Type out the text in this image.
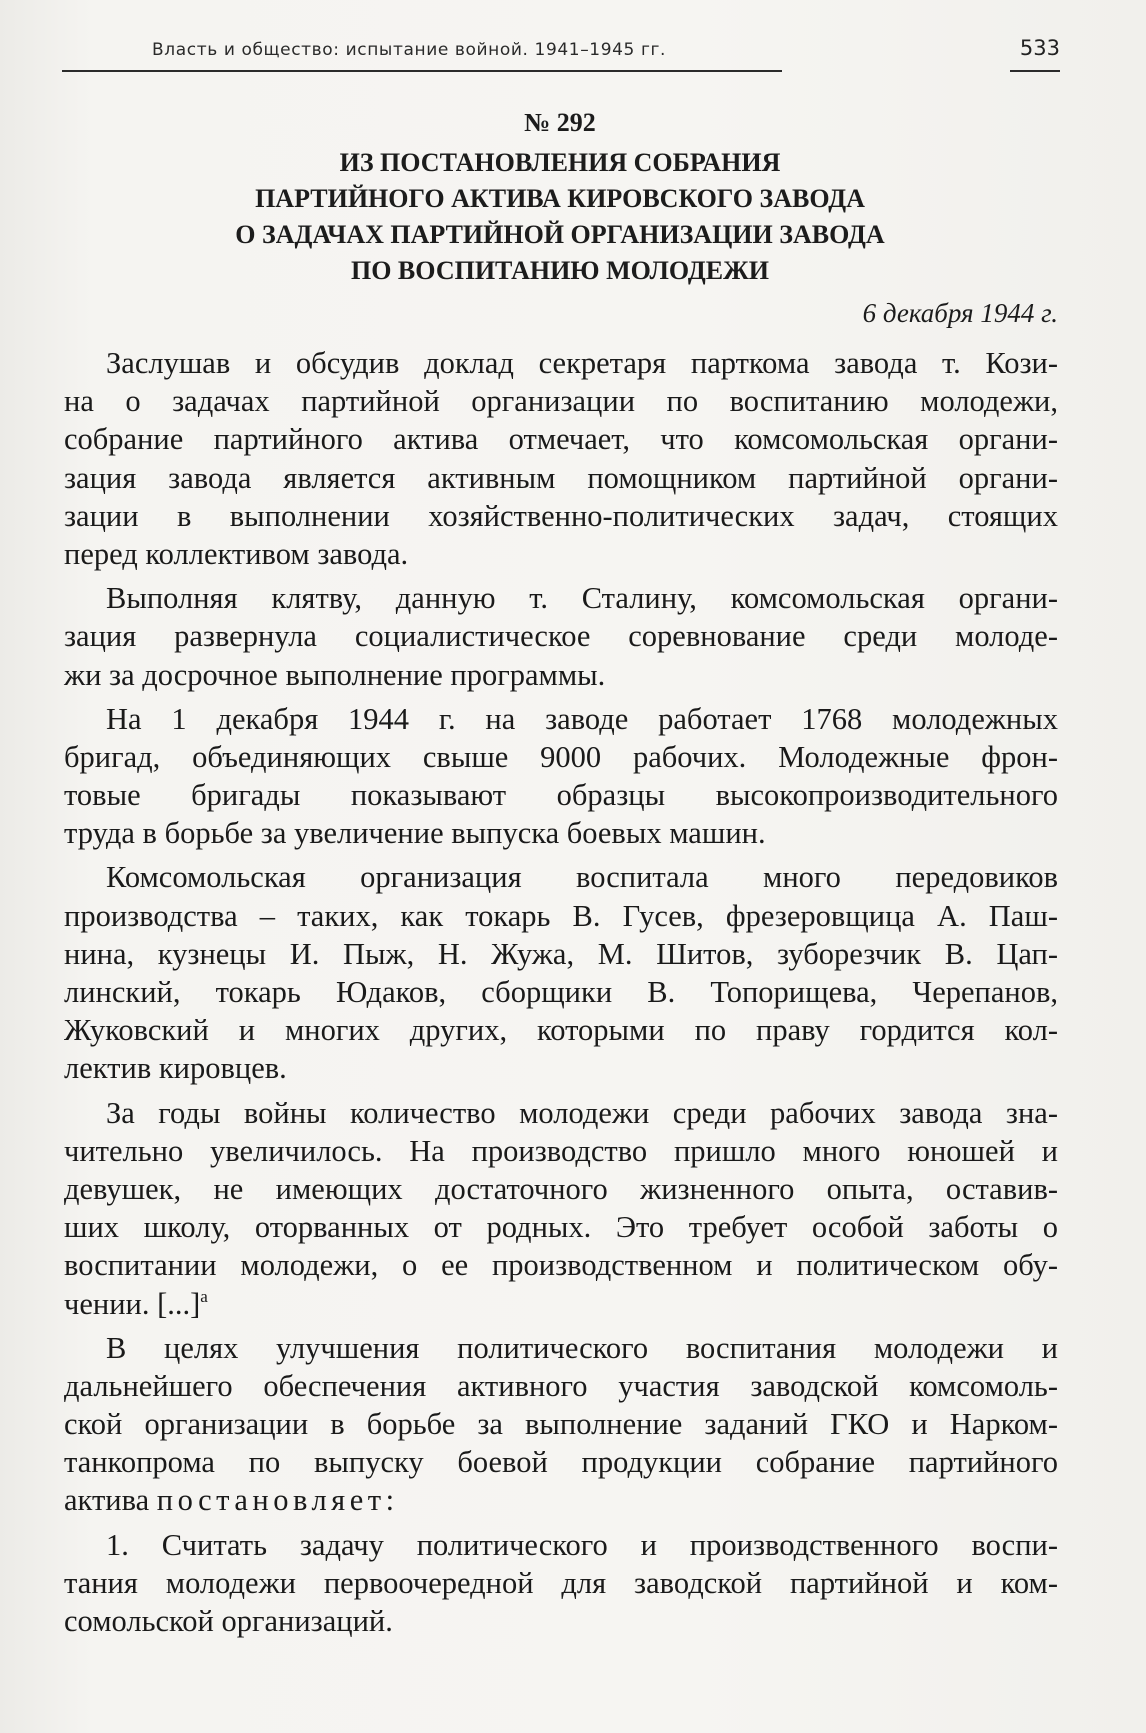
Власть и общество: испытание войной. 1941–1945 гг.	533
№ 292
ИЗ ПОСТАНОВЛЕНИЯ СОБРАНИЯ
ПАРТИЙНОГО АКТИВА КИРОВСКОГО ЗАВОДА
О ЗАДАЧАХ ПАРТИЙНОЙ ОРГАНИЗАЦИИ ЗАВОДА
ПО ВОСПИТАНИЮ МОЛОДЕЖИ
6 декабря 1944 г.
Заслушав и обсудив доклад секретаря парткома завода т. Кози-
на о задачах партийной организации по воспитанию молодежи,
собрание партийного актива отмечает, что комсомольская органи-
зация завода является активным помощником партийной органи-
зации в выполнении хозяйственно-политических задач, стоящих
перед коллективом завода.
Выполняя клятву, данную т. Сталину, комсомольская органи-
зация развернула социалистическое соревнование среди молоде-
жи за досрочное выполнение программы.
На 1 декабря 1944 г. на заводе работает 1768 молодежных
бригад, объединяющих свыше 9000 рабочих. Молодежные фрон-
товые бригады показывают образцы высокопроизводительного
труда в борьбе за увеличение выпуска боевых машин.
Комсомольская организация воспитала много передовиков
производства – таких, как токарь В. Гусев, фрезеровщица А. Паш-
нина, кузнецы И. Пыж, Н. Жужа, М. Шитов, зуборезчик В. Цап-
линский, токарь Юдаков, сборщики В. Топорищева, Черепанов,
Жуковский и многих других, которыми по праву гордится кол-
лектив кировцев.
За годы войны количество молодежи среди рабочих завода зна-
чительно увеличилось. На производство пришло много юношей и
девушек, не имеющих достаточного жизненного опыта, оставив-
ших школу, оторванных от родных. Это требует особой заботы о
воспитании молодежи, о ее производственном и политическом обу-
чении. [...]$^а$
В целях улучшения политического воспитания молодежи и
дальнейшего обеспечения активного участия заводской комсомоль-
ской организации в борьбе за выполнение заданий ГКО и Нарком-
танкопрома по выпуску боевой продукции собрание партийного
актива постановляет:
1. Считать задачу политического и производственного воспи-
тания молодежи первоочередной для заводской партийной и ком-
сомольской организаций.
